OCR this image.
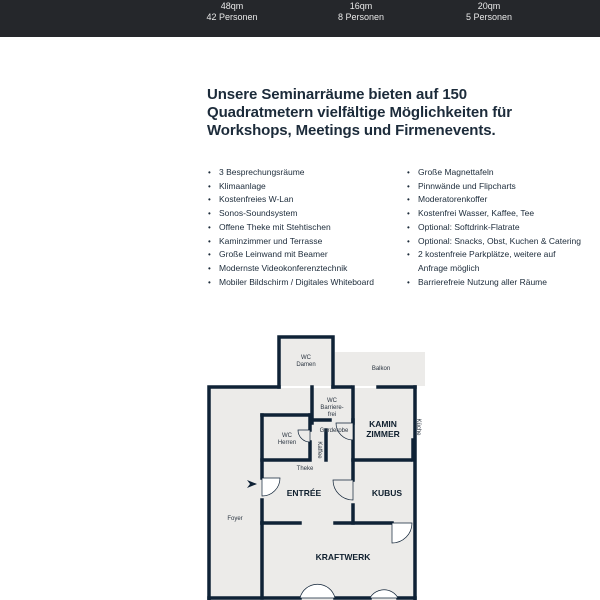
48qm
42 Personen
16qm
8 Personen
20qm
5 Personen
Unsere Seminarräume bieten auf 150 Quadratmetern vielfältige Möglichkeiten für Workshops, Meetings und Firmenevents.
• 3 Besprechungsräume
• Klimaanlage
• Kostenfreies W-Lan
• Sonos-Soundsystem
• Offene Theke mit Stehtischen
• Kaminzimmer und Terrasse
• Große Leinwand mit Beamer
• Modernste Videokonferenztechnik
• Mobiler Bildschirm / Digitales Whiteboard
• Große Magnettafeln
• Pinnwände und Flipcharts
• Moderatorenkoffer
• Kostenfrei Wasser, Kaffee, Tee
• Optional: Softdrink-Flatrate
• Optional: Snacks, Obst, Kuchen & Catering
• 2 kostenfreie Parkplätze, weitere auf Anfrage möglich
• Barrierefreie Nutzung aller Räume
WC
Damen
Balkon
WC
Barriere-
frei
KAMIN
ZIMMER	Küche
Garderobe
WC
Herren	Kaffee
Theke
ENTRÉE	KUBUS
Foyer
KRAFTWERK
